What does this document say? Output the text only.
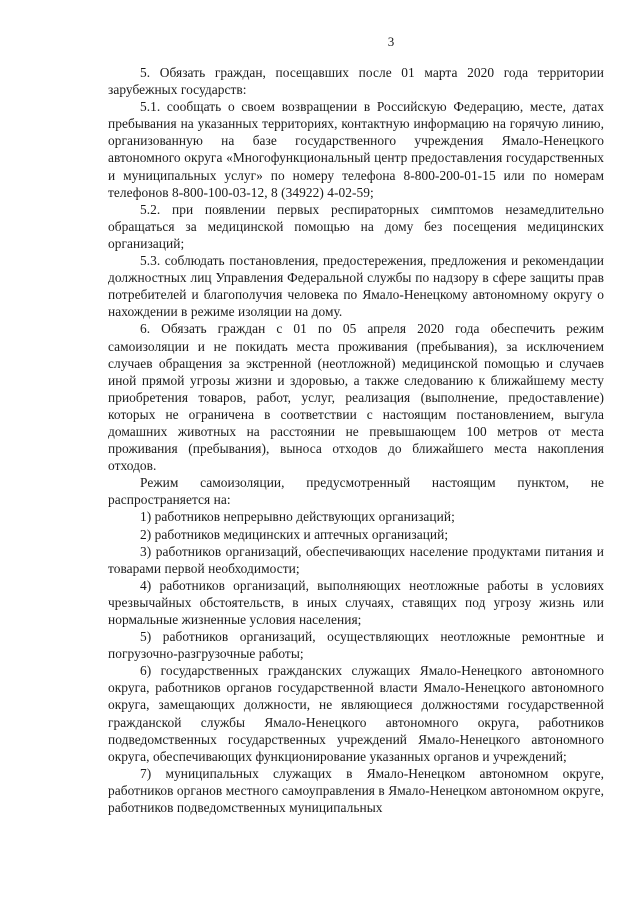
3

5. Обязать граждан, посещавших после 01 марта 2020 года территории зарубежных государств:

5.1. сообщать о своем возвращении в Российскую Федерацию, месте, датах пребывания на указанных территориях, контактную информацию на горячую линию, организованную на базе государственного учреждения Ямало-Ненецкого автономного округа «Многофункциональный центр предоставления государственных и муниципальных услуг» по номеру телефона 8-800-200-01-15 или по номерам телефонов 8-800-100-03-12, 8 (34922) 4-02-59;

5.2. при появлении первых респираторных симптомов незамедлительно обращаться за медицинской помощью на дому без посещения медицинских организаций;

5.3. соблюдать постановления, предостережения, предложения и рекомендации должностных лиц Управления Федеральной службы по надзору в сфере защиты прав потребителей и благополучия человека по Ямало-Ненецкому автономному округу о нахождении в режиме изоляции на дому.

6. Обязать граждан с 01 по 05 апреля 2020 года обеспечить режим самоизоляции и не покидать места проживания (пребывания), за исключением случаев обращения за экстренной (неотложной) медицинской помощью и случаев иной прямой угрозы жизни и здоровью, а также следованию к ближайшему месту приобретения товаров, работ, услуг, реализация (выполнение, предоставление) которых не ограничена в соответствии с настоящим постановлением, выгула домашних животных на расстоянии не превышающем 100 метров от места проживания (пребывания), выноса отходов до ближайшего места накопления отходов.

Режим самоизоляции, предусмотренный настоящим пунктом, не распространяется на:

1) работников непрерывно действующих организаций;

2) работников медицинских и аптечных организаций;

3) работников организаций, обеспечивающих население продуктами питания и товарами первой необходимости;

4) работников организаций, выполняющих неотложные работы в условиях чрезвычайных обстоятельств, в иных случаях, ставящих под угрозу жизнь или нормальные жизненные условия населения;

5) работников организаций, осуществляющих неотложные ремонтные и погрузочно-разгрузочные работы;

6) государственных гражданских служащих Ямало-Ненецкого автономного округа, работников органов государственной власти Ямало-Ненецкого автономного округа, замещающих должности, не являющиеся должностями государственной гражданской службы Ямало-Ненецкого автономного округа, работников подведомственных государственных учреждений Ямало-Ненецкого автономного округа, обеспечивающих функционирование указанных органов и учреждений;

7) муниципальных служащих в Ямало-Ненецком автономном округе, работников органов местного самоуправления в Ямало-Ненецком автономном округе, работников подведомственных муниципальных
